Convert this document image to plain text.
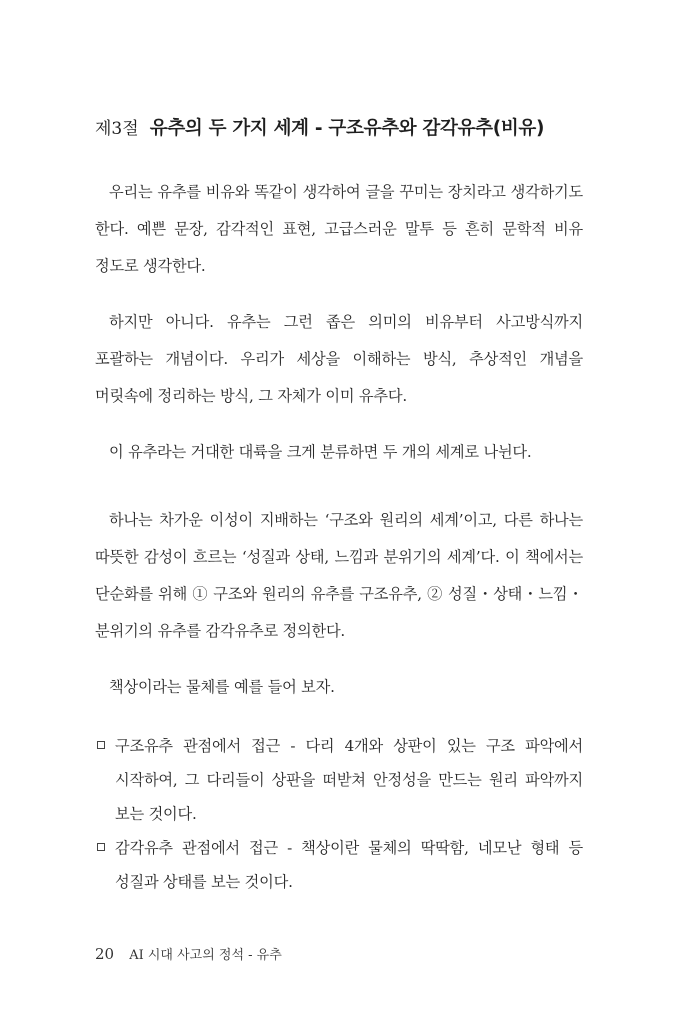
제3절 유추의 두 가지 세계 - 구조유추와 감각유추(비유)
우리는 유추를 비유와 똑같이 생각하여 글을 꾸미는 장치라고 생각하기도 한다. 예쁜 문장, 감각적인 표현, 고급스러운 말투 등 흔히 문학적 비유 정도로 생각한다.
하지만 아니다. 유추는 그런 좁은 의미의 비유부터 사고방식까지 포괄하는 개념이다. 우리가 세상을 이해하는 방식, 추상적인 개념을 머릿속에 정리하는 방식, 그 자체가 이미 유추다.
이 유추라는 거대한 대륙을 크게 분류하면 두 개의 세계로 나뉜다.
하나는 차가운 이성이 지배하는 ‘구조와 원리의 세계’이고, 다른 하나는 따뜻한 감성이 흐르는 ‘성질과 상태, 느낌과 분위기의 세계’다. 이 책에서는 단순화를 위해 ① 구조와 원리의 유추를 구조유추, ② 성질・상태・느낌・분위기의 유추를 감각유추로 정의한다.
책상이라는 물체를 예를 들어 보자.
구조유추 관점에서 접근 - 다리 4개와 상판이 있는 구조 파악에서 시작하여, 그 다리들이 상판을 떠받쳐 안정성을 만드는 원리 파악까지 보는 것이다.
감각유추 관점에서 접근 - 책상이란 물체의 딱딱함, 네모난 형태 등 성질과 상태를 보는 것이다.
20 AI 시대 사고의 정석 - 유추
